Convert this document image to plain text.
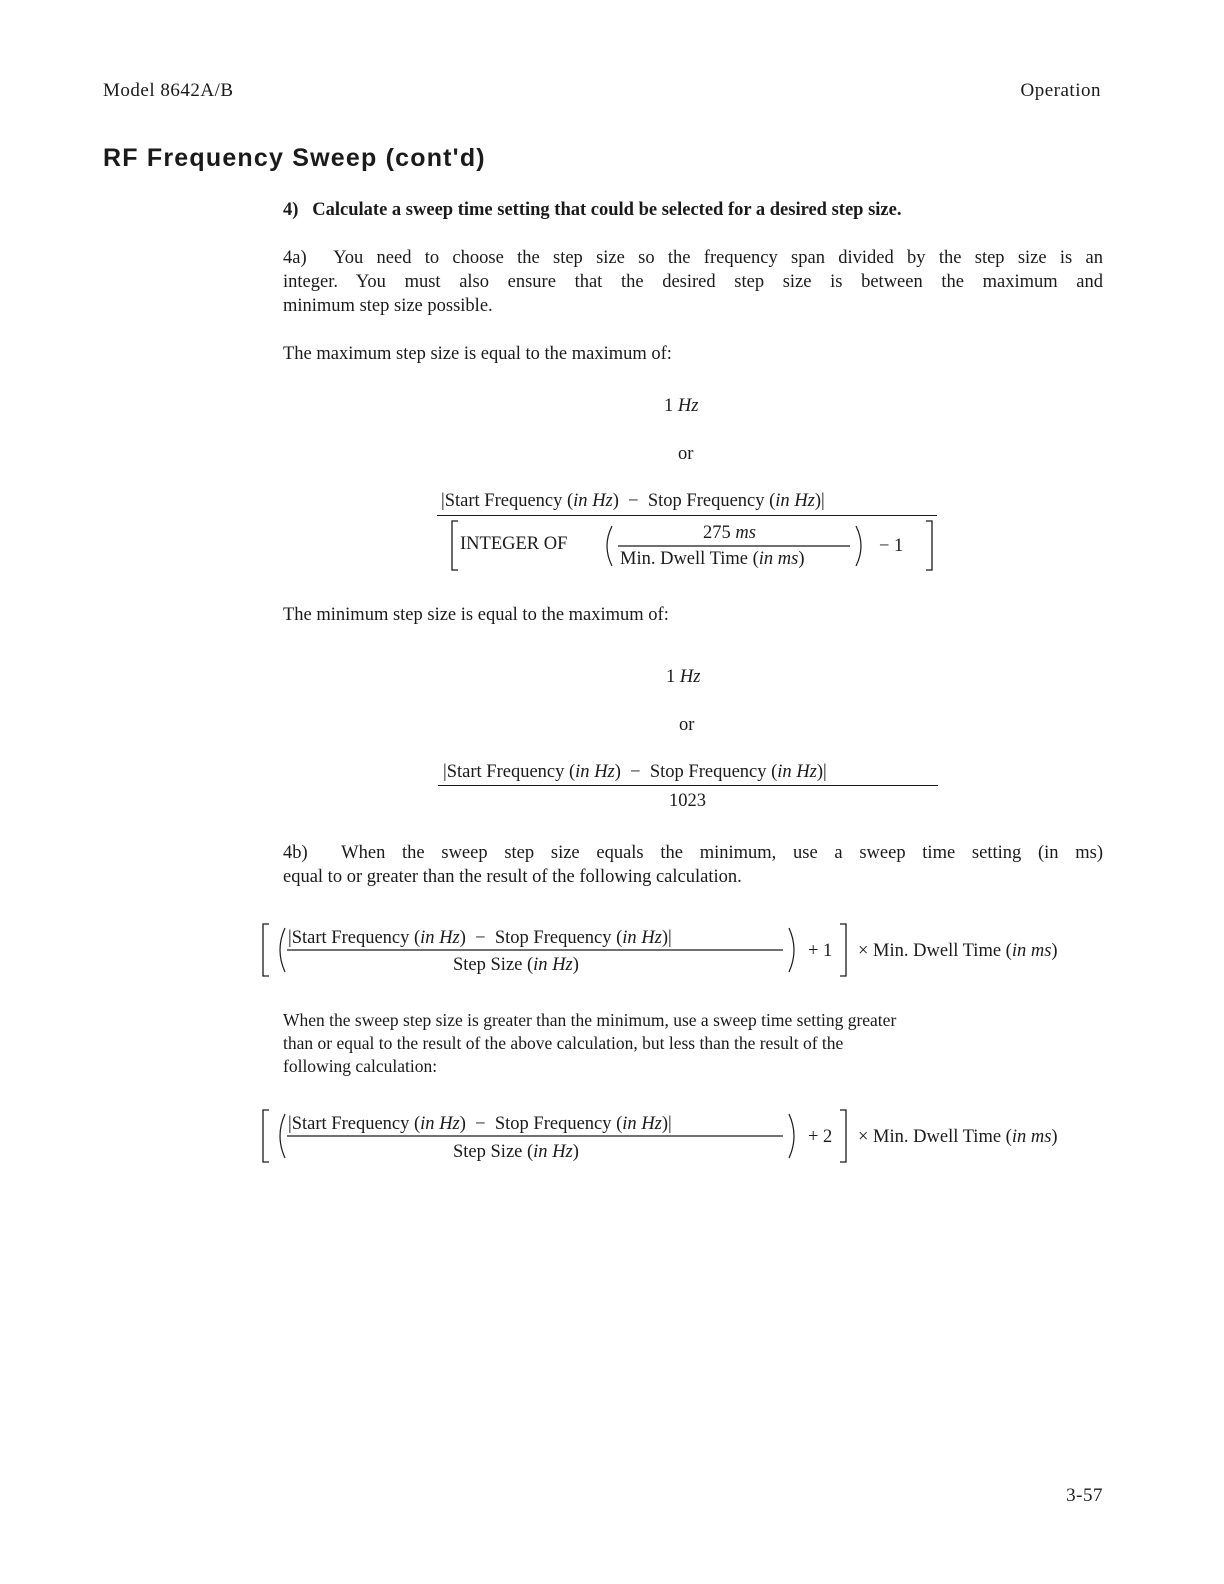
Model 8642A/B	Operation
RF Frequency Sweep (cont'd)
4) Calculate a sweep time setting that could be selected for a desired step size.
4a) You need to choose the step size so the frequency span divided by the step size is an
integer. You must also ensure that the desired step size is between the maximum and
minimum step size possible.
The maximum step size is equal to the maximum of:
1 Hz
or
|Start Frequency (in Hz) − Stop Frequency (in Hz)|
INTEGER OF
275 ms
Min. Dwell Time (in ms)
− 1
The minimum step size is equal to the maximum of:
1 Hz
or
|Start Frequency (in Hz) − Stop Frequency (in Hz)|
1023
4b) When the sweep step size equals the minimum, use a sweep time setting (in ms)
equal to or greater than the result of the following calculation.
|Start Frequency (in Hz) − Stop Frequency (in Hz)|
Step Size (in Hz)
+ 1 × Min. Dwell Time (in ms)
When the sweep step size is greater than the minimum, use a sweep time setting greater
than or equal to the result of the above calculation, but less than the result of the
following calculation:
|Start Frequency (in Hz) − Stop Frequency (in Hz)|
Step Size (in Hz)
+ 2 × Min. Dwell Time (in ms)
3-57
